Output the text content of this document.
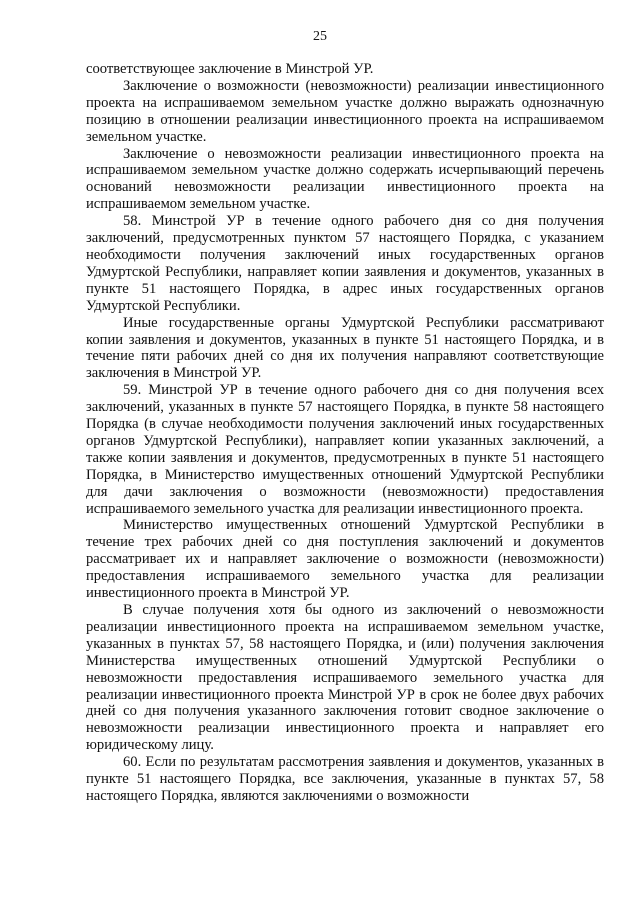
25

соответствующее заключение в Минстрой УР.

Заключение о возможности (невозможности) реализации инвестиционного проекта на испрашиваемом земельном участке должно выражать однозначную позицию в отношении реализации инвестиционного проекта на испрашиваемом земельном участке.

Заключение о невозможности реализации инвестиционного проекта на испрашиваемом земельном участке должно содержать исчерпывающий перечень оснований невозможности реализации инвестиционного проекта на испрашиваемом земельном участке.

58. Минстрой УР в течение одного рабочего дня со дня получения заключений, предусмотренных пунктом 57 настоящего Порядка, с указанием необходимости получения заключений иных государственных органов Удмуртской Республики, направляет копии заявления и документов, указанных в пункте 51 настоящего Порядка, в адрес иных государственных органов Удмуртской Республики.

Иные государственные органы Удмуртской Республики рассматривают копии заявления и документов, указанных в пункте 51 настоящего Порядка, и в течение пяти рабочих дней со дня их получения направляют соответствующие заключения в Минстрой УР.

59. Минстрой УР в течение одного рабочего дня со дня получения всех заключений, указанных в пункте 57 настоящего Порядка, в пункте 58 настоящего Порядка (в случае необходимости получения заключений иных государственных органов Удмуртской Республики), направляет копии указанных заключений, а также копии заявления и документов, предусмотренных в пункте 51 настоящего Порядка, в Министерство имущественных отношений Удмуртской Республики для дачи заключения о возможности (невозможности) предоставления испрашиваемого земельного участка для реализации инвестиционного проекта.

Министерство имущественных отношений Удмуртской Республики в течение трех рабочих дней со дня поступления заключений и документов рассматривает их и направляет заключение о возможности (невозможности) предоставления испрашиваемого земельного участка для реализации инвестиционного проекта в Минстрой УР.

В случае получения хотя бы одного из заключений о невозможности реализации инвестиционного проекта на испрашиваемом земельном участке, указанных в пунктах 57, 58 настоящего Порядка, и (или) получения заключения Министерства имущественных отношений Удмуртской Республики о невозможности предоставления испрашиваемого земельного участка для реализации инвестиционного проекта Минстрой УР в срок не более двух рабочих дней со дня получения указанного заключения готовит сводное заключение о невозможности реализации инвестиционного проекта и направляет его юридическому лицу.

60. Если по результатам рассмотрения заявления и документов, указанных в пункте 51 настоящего Порядка, все заключения, указанные в пунктах 57, 58 настоящего Порядка, являются заключениями о возможности
